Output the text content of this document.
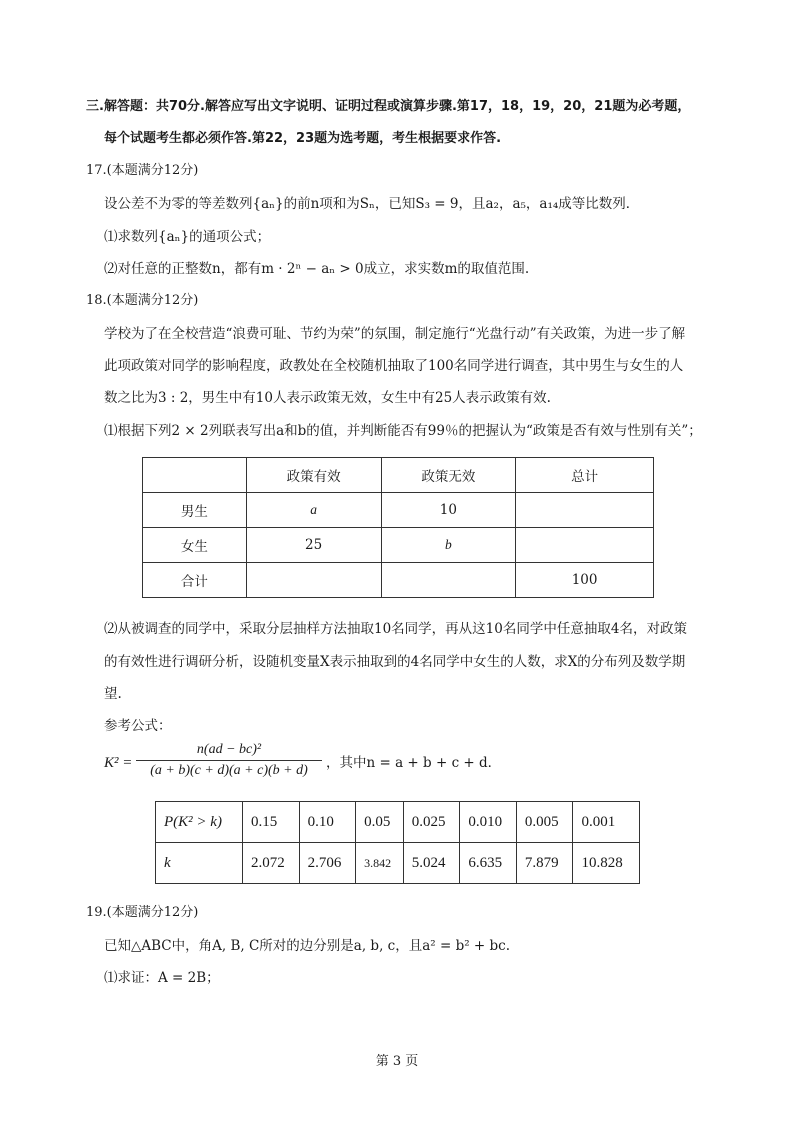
三.解答题：共70分.解答应写出文字说明、证明过程或演算步骤.第17，18，19，20，21题为必考题，
每个试题考生都必须作答.第22，23题为选考题，考生根据要求作答.
17.(本题满分12分)
设公差不为零的等差数列{aₙ}的前n项和为Sₙ，已知S₃ = 9，且a₂，a₅，a₁₄成等比数列．
⑴求数列{aₙ}的通项公式；
⑵对任意的正整数n，都有m · 2ⁿ − aₙ > 0成立，求实数m的取值范围.
18.(本题满分12分)
学校为了在全校营造“浪费可耻、节约为荣”的氛围，制定施行“光盘行动”有关政策，为进一步了解
此项政策对同学的影响程度，政教处在全校随机抽取了100名同学进行调查，其中男生与女生的人
数之比为3 : 2，男生中有10人表示政策无效，女生中有25人表示政策有效.
⑴根据下列2 × 2列联表写出a和b的值，并判断能否有99％的把握认为“政策是否有效与性别有关”；
	政策有效	政策无效	总计
男生	a	10	
女生	25	b	
合计			100
⑵从被调查的同学中，采取分层抽样方法抽取10名同学，再从这10名同学中任意抽取4名，对政策
的有效性进行调研分析，设随机变量X表示抽取到的4名同学中女生的人数，求X的分布列及数学期
望.
参考公式：
$K^2 = \frac{\text{n(ad − bc)²}}{(a + b)(c + d)(a + c)(b + d)}$ ，其中n = a + b + c + d．
P(K² > k)	0.15	0.10	0.05	0.025	0.010	0.005	0.001
k	2.072	2.706	3.842	5.024	6.635	7.879	10.828
19.(本题满分12分)
已知△ABC中，角A, B, C所对的边分别是a, b, c，且a² = b² + bc.
⑴求证：A = 2B；
第 3 页
